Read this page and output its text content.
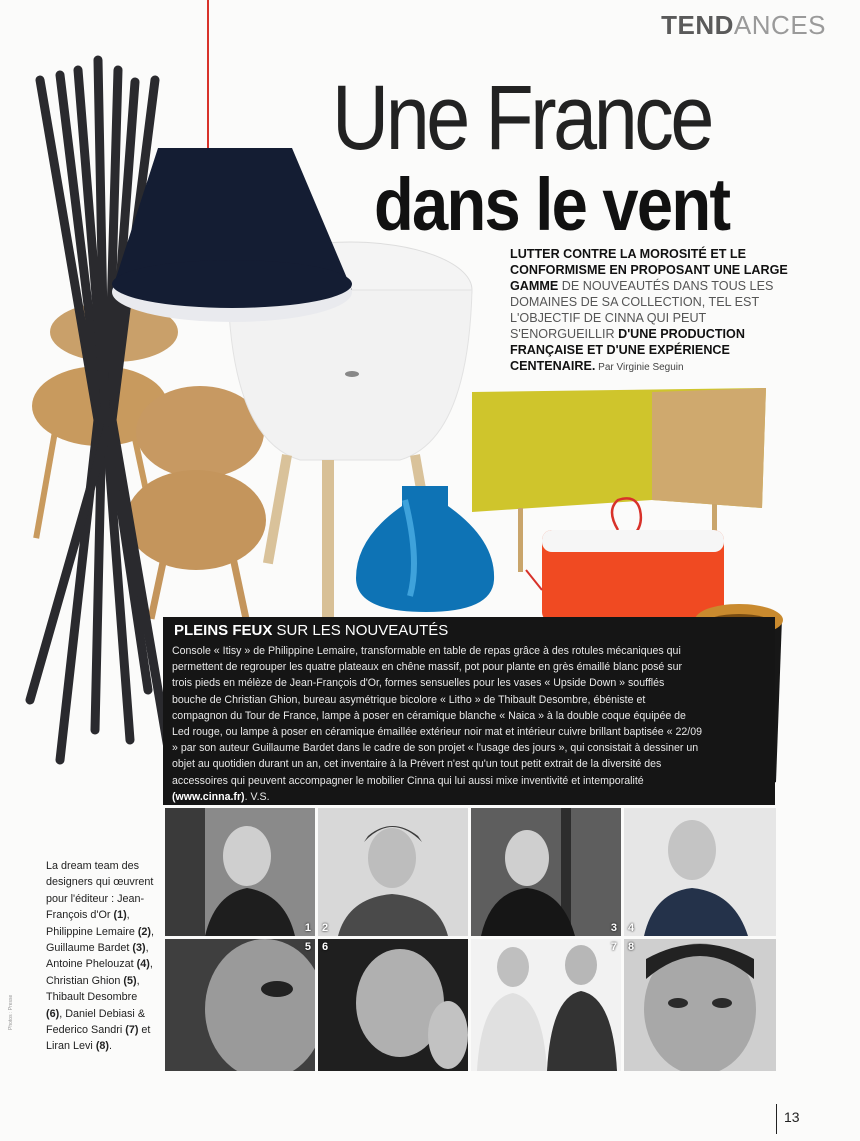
TENDANCES
Une France
dans le vent
LUTTER CONTRE LA MOROSITÉ ET LE CONFORMISME EN PROPOSANT UNE LARGE GAMME DE NOUVEAUTÉS DANS TOUS LES DOMAINES DE SA COLLECTION, TEL EST L'OBJECTIF DE CINNA QUI PEUT S'ENORGUEILLIR D'UNE PRODUCTION FRANÇAISE ET D'UNE EXPÉRIENCE CENTENAIRE. Par Virginie Seguin
PLEINS FEUX SUR LES NOUVEAUTÉS
Console « Itisy » de Philippine Lemaire, transformable en table de repas grâce à des rotules mécaniques qui permettent de regrouper les quatre plateaux en chêne massif, pot pour plante en grès émaillé blanc posé sur trois pieds en mélèze de Jean-François d'Or, formes sensuelles pour les vases « Upside Down » soufflés bouche de Christian Ghion, bureau asymétrique bicolore « Litho » de Thibault Desombre, ébéniste et compagnon du Tour de France, lampe à poser en céramique blanche « Naica » à la double coque équipée de Led rouge, ou lampe à poser en céramique émaillée extérieur noir mat et intérieur cuivre brillant baptisée « 22/09 » par son auteur Guillaume Bardet dans le cadre de son projet « l'usage des jours », qui consistait à dessiner un objet au quotidien durant un an, cet inventaire à la Prévert n'est qu'un tout petit extrait de la diversité des accessoires qui peuvent accompagner le mobilier Cinna qui lui aussi mixe inventivité et intemporalité (www.cinna.fr). V.S.
La dream team des designers qui œuvrent pour l'éditeur : Jean-François d'Or (1), Philippine Lemaire (2), Guillaume Bardet (3), Antoine Phelouzat (4), Christian Ghion (5), Thibault Desombre (6), Daniel Debiasi & Federico Sandri (7) et Liran Levi (8).
Photos : Presse
1 2	3 4
5 6	7 8
13
